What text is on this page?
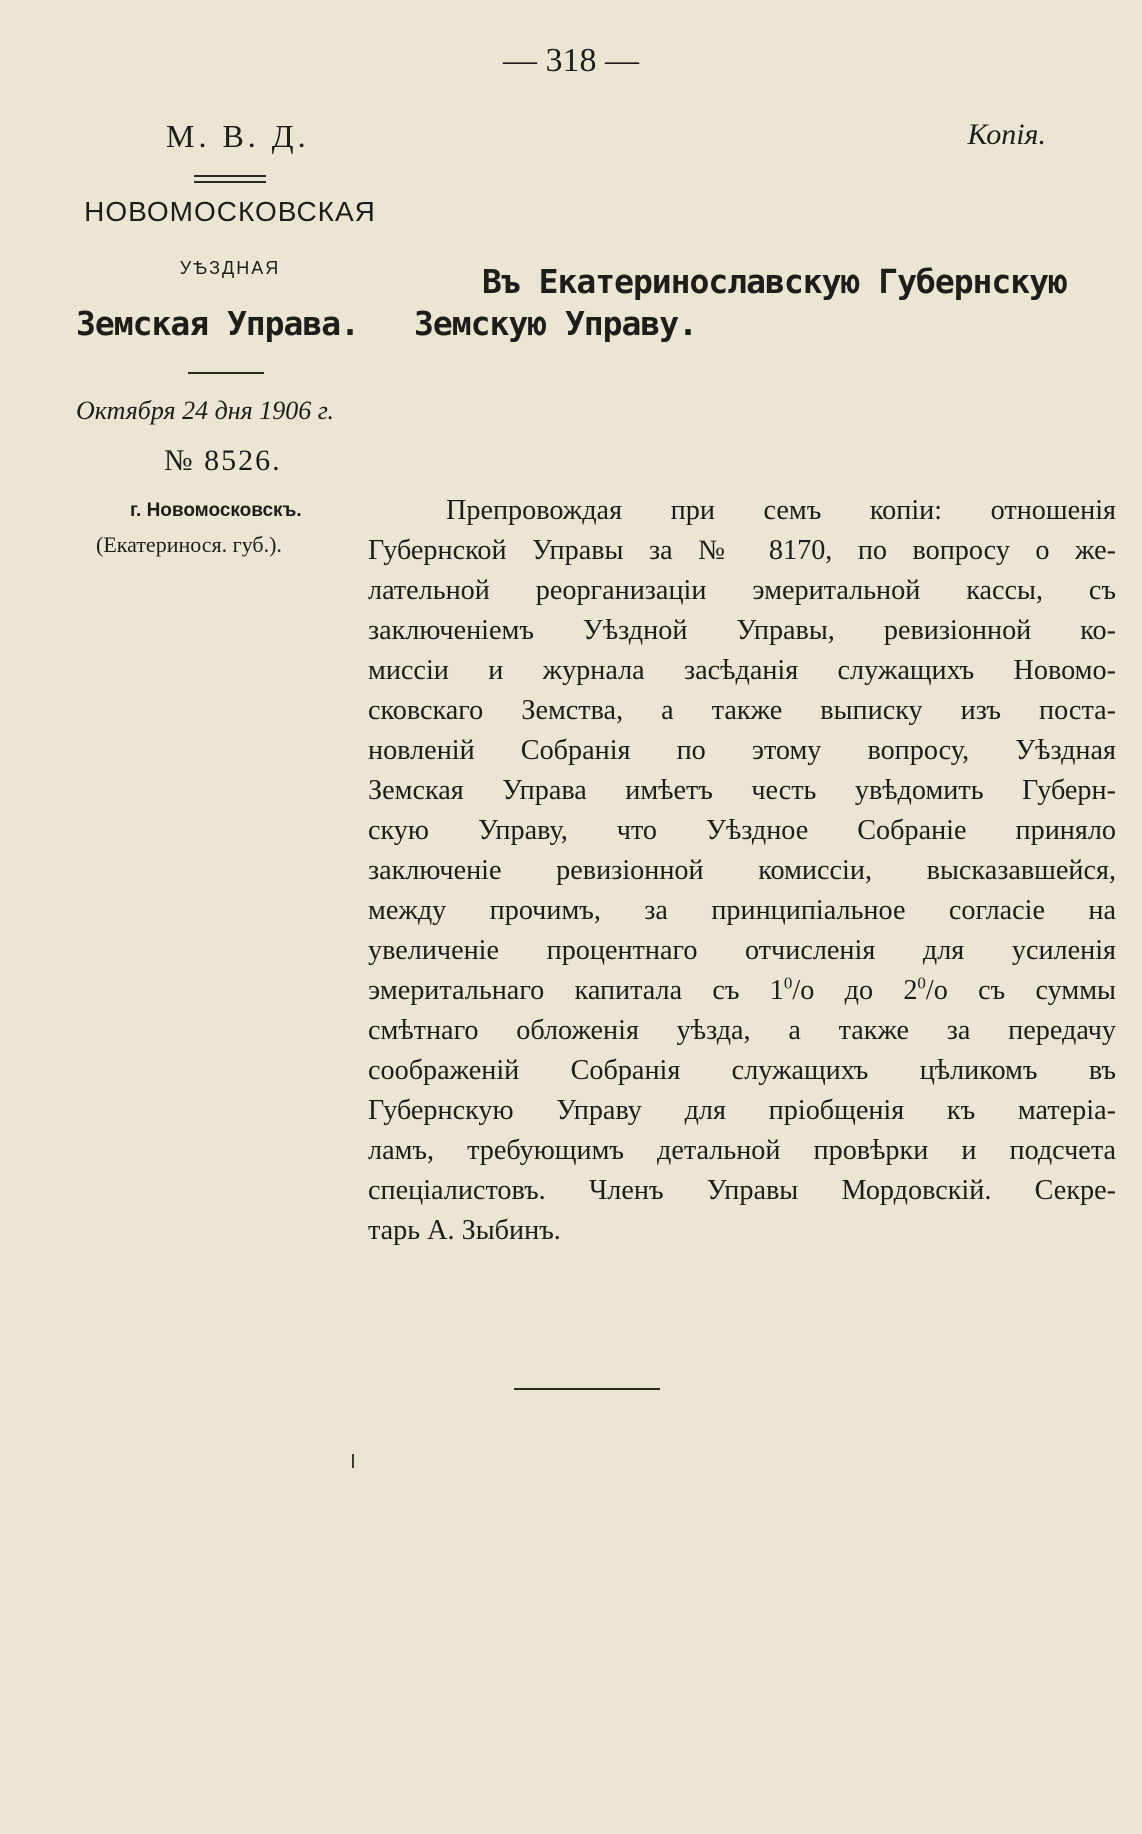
— 318 —
М. В. Д.	Копія.
НОВОМОСКОВСКАЯ
УѢЗДНАЯ
Земская Управа.
Въ Екатеринославскую Губернскую
Земскую Управу.
Октября 24 дня 1906 г.
№ 8526.
г. Новомосковскъ.
(Екатеринося. губ.).
Препровождая при семъ копіи: отношенія
Губернской Управы за № 8170, по вопросу о же-
лательной реорганизаціи эмеритальной кассы, съ
заключеніемъ Уѣздной Управы, ревизіонной ко-
миссіи и журнала засѣданія служащихъ Новомо-
сковскаго Земства, а также выписку изъ поста-
новленій Собранія по этому вопросу, Уѣздная
Земская Управа имѣетъ честь увѣдомить Губерн-
скую Управу, что Уѣздное Собраніе приняло
заключеніе ревизіонной комиссіи, высказавшейся,
между прочимъ, за принципіальное согласіе на
увеличеніе процентнаго отчисленія для усиленія
эмеритальнаго капитала съ $1^0/о$ до $2^0/о$ съ суммы
смѣтнаго обложенія уѣзда, а также за передачу
соображеній Собранія служащихъ цѣликомъ въ
Губернскую Управу для пріобщенія къ матеріа-
ламъ, требующимъ детальной провѣрки и подсчета
спеціалистовъ. Членъ Управы Мордовскій. Секре-
тарь А. Зыбинъ.
